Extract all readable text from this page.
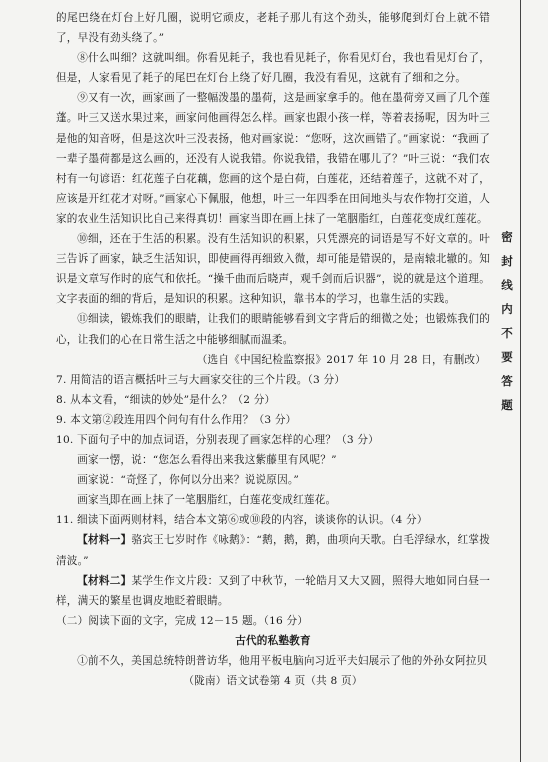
的尾巴绕在灯台上好几圈，说明它顽皮，老耗子那儿有这个劲头，能够爬到灯台上就不错了，早没有劲头绕了。”

⑧什么叫细？这就叫细。你看见耗子，我也看见耗子，你看见灯台，我也看见灯台了，但是，人家看见了耗子的尾巴在灯台上绕了好几圈，我没有看见，这就有了细和之分。

⑨又有一次，画家画了一整幅泼墨的墨荷，这是画家拿手的。他在墨荷旁又画了几个莲蓬。叶三又送水果过来，画家问他画得怎么样。画家也跟小孩一样，等着表扬呢，因为叶三是他的知音呀，但是这次叶三没表扬，他对画家说：“您呀，这次画错了。”画家说：“我画了一辈子墨荷都是这么画的，还没有人说我错。你说我错，我错在哪儿了？”叶三说：“我们农村有一句谚语：红花莲子白花藕，您画的这个是白荷，白莲花，还结着莲子，这就不对了，应该是开红花才对呀。”画家心下佩服，他想，叶三一年四季在田间地头与农作物打交道，人家的农业生活知识比自己来得真切！画家当即在画上抹了一笔胭脂红，白莲花变成红莲花。

⑩细，还在于生活的积累。没有生活知识的积累，只凭漂亮的词语是写不好文章的。叶三告诉了画家，缺乏生活知识，即使画得再细致入微，却可能是错误的，是南辕北辙的。知识是文章写作时的底气和依托。“操千曲而后晓声，观千剑而后识器”，说的就是这个道理。文字表面的细的背后，是知识的积累。这种知识，靠书本的学习，也靠生活的实践。

⑪细读，锻炼我们的眼睛，让我们的眼睛能够看到文字背后的细微之处；也锻炼我们的心，让我们的心在日常生活之中能够细腻而温柔。

（选自《中国纪检监察报》2017 年 10 月 28 日，有删改）

7. 用简洁的语言概括叶三与大画家交往的三个片段。（3 分）

8. 从本文看，“细读的妙处”是什么？（2 分）

9. 本文第②段连用四个问句有什么作用？（3 分）

10. 下面句子中的加点词语，分别表现了画家怎样的心理？（3 分）

画家一愣，说：“您怎么看得出来我这紫藤里有风呢？”

画家说：“奇怪了，你何以分出来？说说原因。”

画家当即在画上抹了一笔胭脂红，白莲花变成红莲花。

11. 细读下面两则材料，结合本文第⑥或⑩段的内容，谈谈你的认识。（4 分）

【材料一】骆宾王七岁时作《咏鹅》：“鹅，鹅，鹅，曲项向天歌。白毛浮绿水，红掌拨清波。”

【材料二】某学生作文片段：又到了中秋节，一轮皓月又大又圆，照得大地如同白昼一样，满天的繁星也调皮地眨着眼睛。

（二）阅读下面的文字，完成 12－15 题。（16 分）

古代的私塾教育

①前不久，美国总统特朗普访华，他用平板电脑向习近平夫妇展示了他的外孙女阿拉贝

（陇南）语文试卷第 4 页（共 8 页）

密
封
线
内
不
要
答
题
